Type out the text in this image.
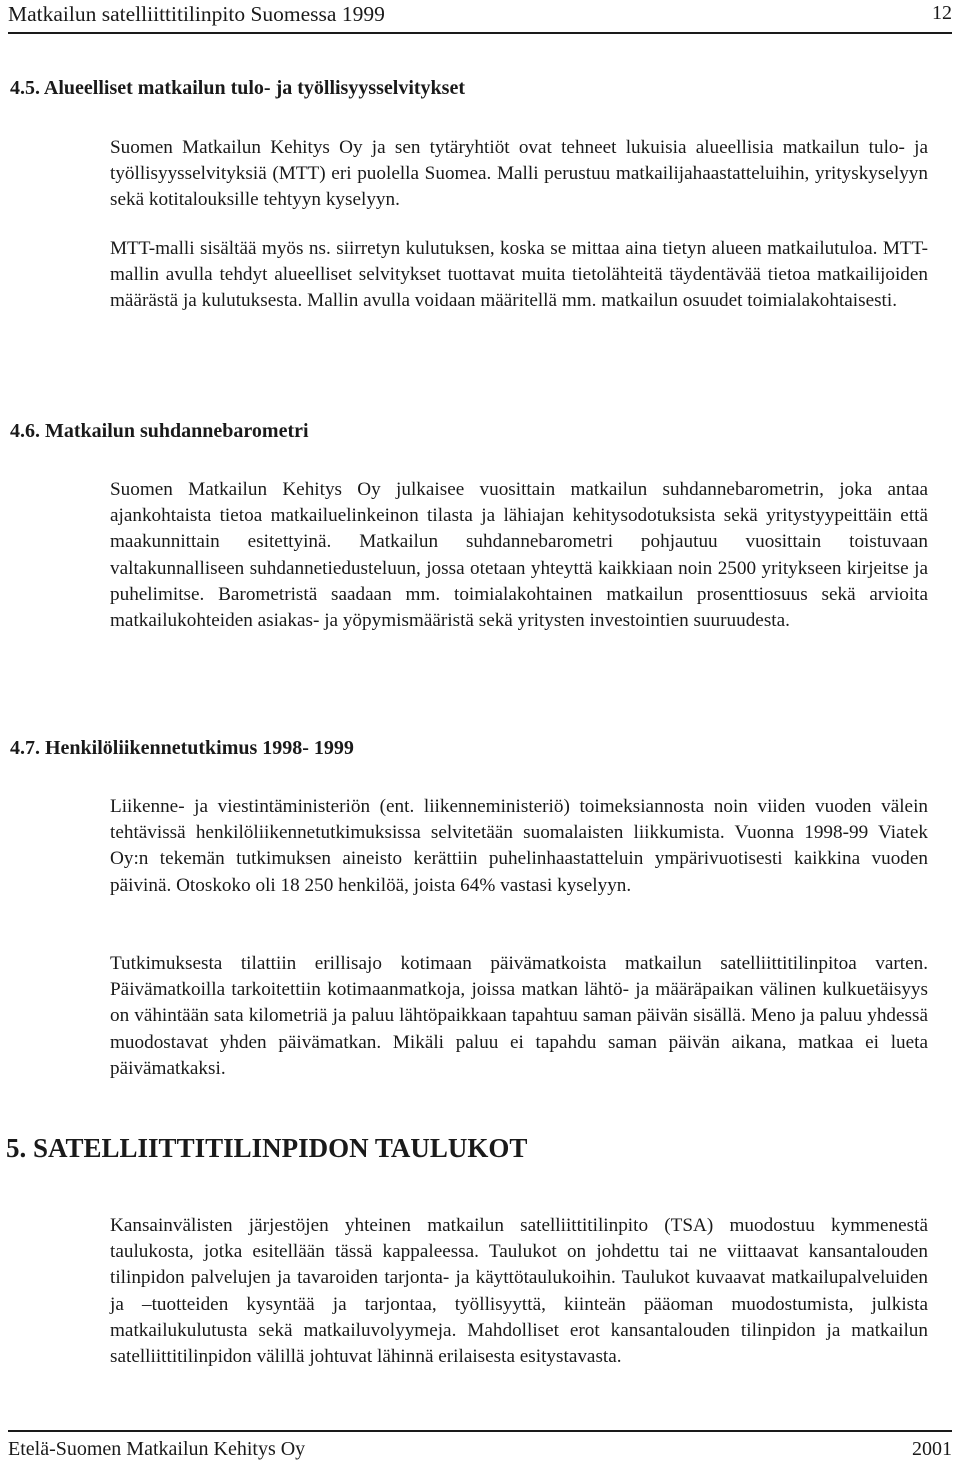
Matkailun satelliittitilinpito Suomessa 1999	12
4.5. Alueelliset matkailun tulo- ja työllisyysselvitykset

Suomen Matkailun Kehitys Oy ja sen tytäryhtiöt ovat tehneet lukuisia alueellisia matkailun tulo- ja työllisyysselvityksiä (MTT) eri puolella Suomea. Malli perustuu matkailijahaastatteluihin, yrityskyselyyn sekä kotitalouksille tehtyyn kyselyyn.

MTT-malli sisältää myös ns. siirretyn kulutuksen, koska se mittaa aina tietyn alueen matkailutuloa. MTT-mallin avulla tehdyt alueelliset selvitykset tuottavat muita tietolähteitä täydentävää tietoa matkailijoiden määrästä ja kulutuksesta. Mallin avulla voidaan määritellä mm. matkailun osuudet toimialakohtaisesti.

4.6. Matkailun suhdannebarometri

Suomen Matkailun Kehitys Oy julkaisee vuosittain matkailun suhdannebarometrin, joka antaa ajankohtaista tietoa matkailuelinkeinon tilasta ja lähiajan kehitysodotuksista sekä yritystyypeittäin että maakunnittain esitettyinä. Matkailun suhdannebarometri pohjautuu vuosittain toistuvaan valtakunnalliseen suhdannetiedusteluun, jossa otetaan yhteyttä kaikkiaan noin 2500 yritykseen kirjeitse ja puhelimitse. Barometristä saadaan mm. toimialakohtainen matkailun prosenttiosuus sekä arvioita matkailukohteiden asiakas- ja yöpymismääristä sekä yritysten investointien suuruudesta.

4.7. Henkilöliikennetutkimus 1998- 1999

Liikenne- ja viestintäministeriön (ent. liikenneministeriö) toimeksiannosta noin viiden vuoden välein tehtävissä henkilöliikennetutkimuksissa selvitetään suomalaisten liikkumista. Vuonna 1998-99 Viatek Oy:n tekemän tutkimuksen aineisto kerättiin puhelinhaastatteluin ympärivuotisesti kaikkina vuoden päivinä. Otoskoko oli 18 250 henkilöä, joista 64% vastasi kyselyyn.

Tutkimuksesta tilattiin erillisajo kotimaan päivämatkoista matkailun satelliittitilinpitoa varten. Päivämatkoilla tarkoitettiin kotimaanmatkoja, joissa matkan lähtö- ja määräpaikan välinen kulkuetäisyys on vähintään sata kilometriä ja paluu lähtöpaikkaan tapahtuu saman päivän sisällä. Meno ja paluu yhdessä muodostavat yhden päivämatkan. Mikäli paluu ei tapahdu saman päivän aikana, matkaa ei lueta päivämatkaksi.

5. SATELLIITTITILINPIDON TAULUKOT

Kansainvälisten järjestöjen yhteinen matkailun satelliittitilinpito (TSA) muodostuu kymmenestä taulukosta, jotka esitellään tässä kappaleessa. Taulukot on johdettu tai ne viittaavat kansantalouden tilinpidon palvelujen ja tavaroiden tarjonta- ja käyttötaulukoihin. Taulukot kuvaavat matkailupalveluiden ja –tuotteiden kysyntää ja tarjontaa, työllisyyttä, kiinteän pääoman muodostumista, julkista matkailukulutusta sekä matkailuvolyymeja. Mahdolliset erot kansantalouden tilinpidon ja matkailun satelliittitilinpidon välillä johtuvat lähinnä erilaisesta esitystavasta.

Etelä-Suomen Matkailun Kehitys Oy	2001
